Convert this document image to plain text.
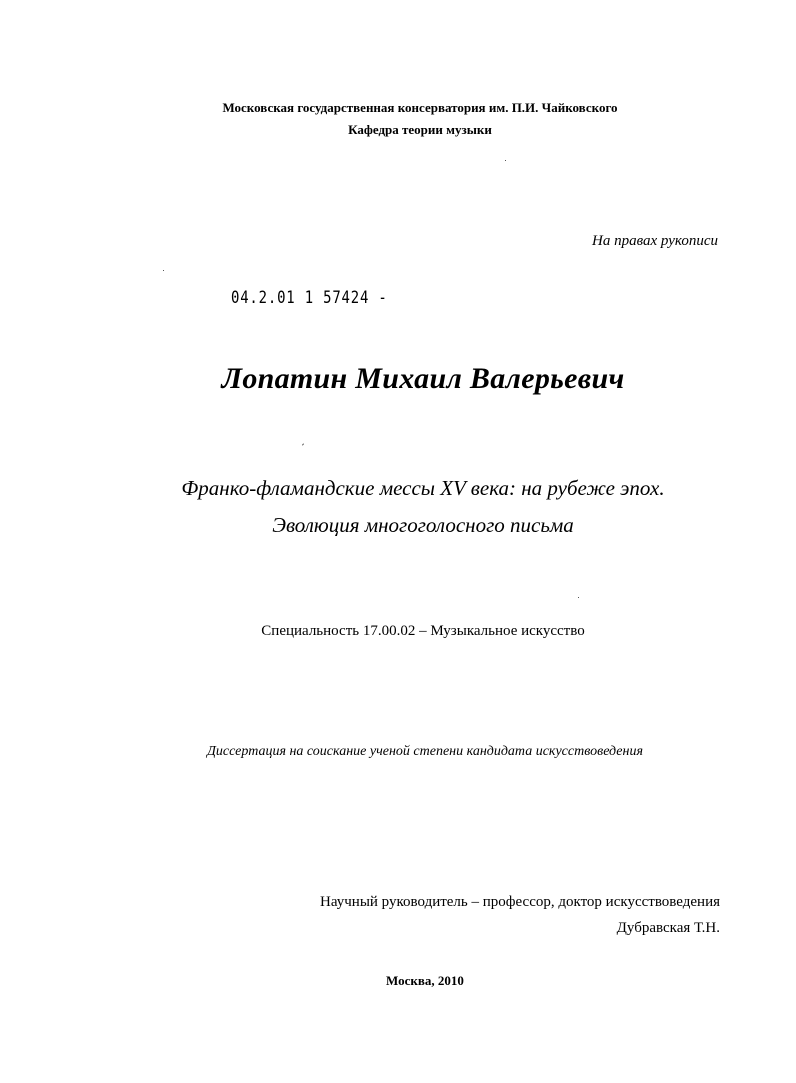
Московская государственная консерватория им. П.И. Чайковского
Кафедра теории музыки
На правах рукописи
04.2.01 1 57424 -
Лопатин Михаил Валерьевич
Франко-фламандские мессы XV века: на рубеже эпох.
Эволюция многоголосного письма
Специальность 17.00.02 – Музыкальное искусство
Диссертация на соискание ученой степени кандидата искусствоведения
Научный руководитель – профессор, доктор искусствоведения
Дубравская Т.Н.
Москва, 2010
